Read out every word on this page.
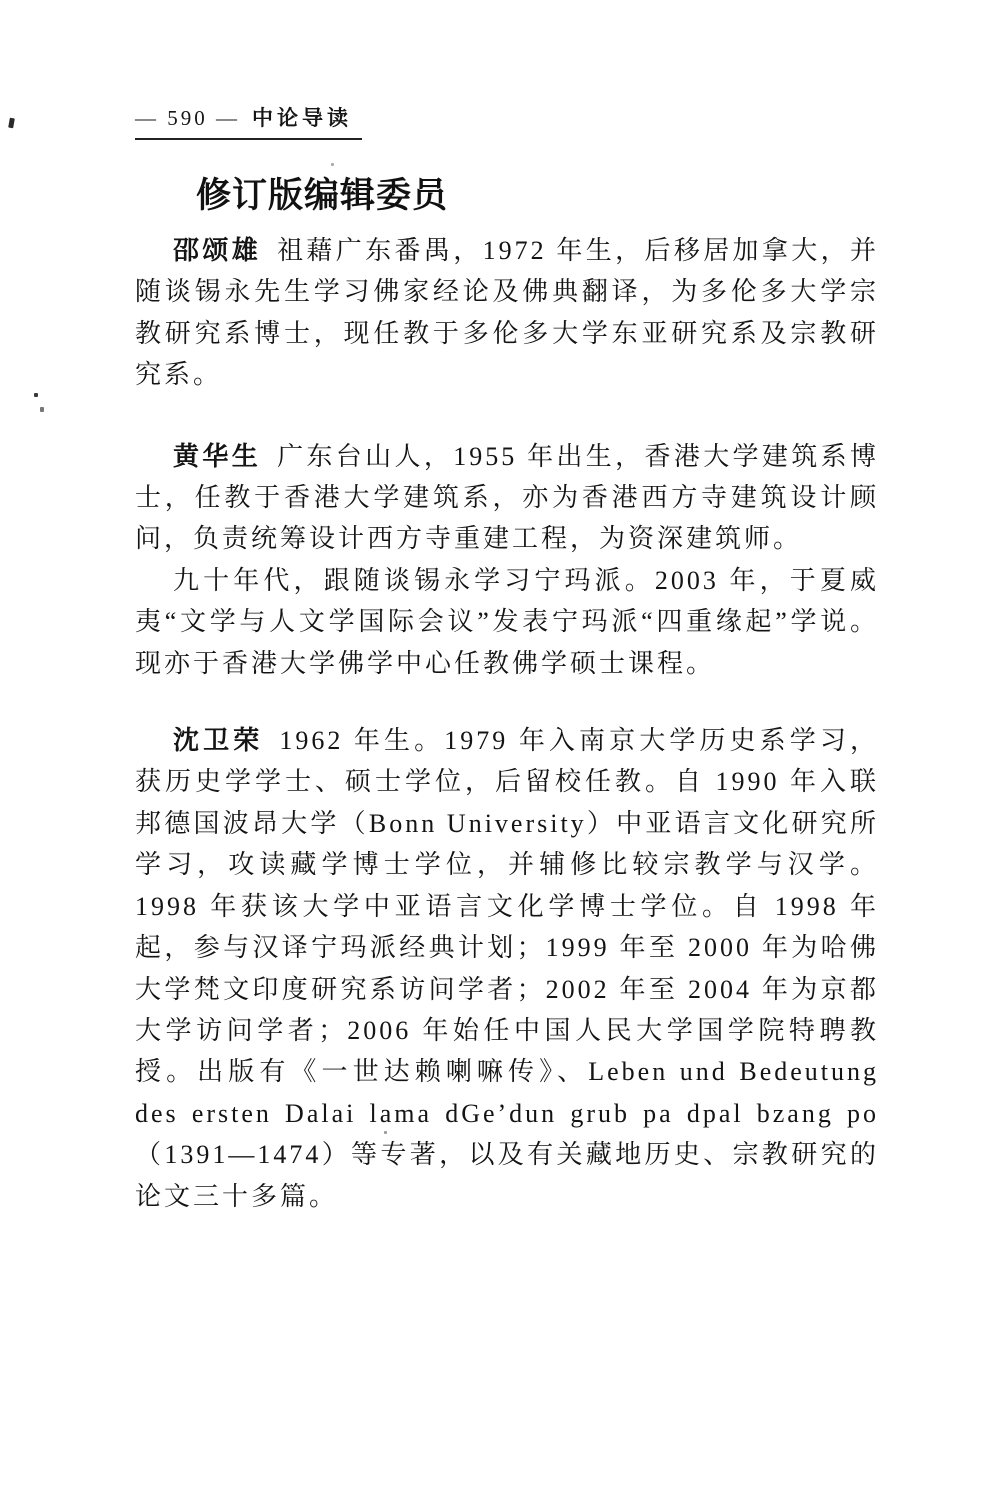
— 590 — 中论导读
修订版编辑委员

邵颂雄 祖藉广东番禺，1972 年生，后移居加拿大，并随谈锡永先生学习佛家经论及佛典翻译，为多伦多大学宗教研究系博士，现任教于多伦多大学东亚研究系及宗教研究系。

黄华生 广东台山人，1955 年出生，香港大学建筑系博士，任教于香港大学建筑系，亦为香港西方寺建筑设计顾问，负责统筹设计西方寺重建工程，为资深建筑师。

九十年代，跟随谈锡永学习宁玛派。2003 年，于夏威夷“文学与人文学国际会议”发表宁玛派“四重缘起”学说。现亦于香港大学佛学中心任教佛学硕士课程。

沈卫荣 1962 年生。1979 年入南京大学历史系学习，获历史学学士、硕士学位，后留校任教。自 1990 年入联邦德国波昂大学（Bonn University）中亚语言文化研究所学习，攻读藏学博士学位，并辅修比较宗教学与汉学。1998 年获该大学中亚语言文化学博士学位。自 1998 年起，参与汉译宁玛派经典计划；1999 年至 2000 年为哈佛大学梵文印度研究系访问学者；2002 年至 2004 年为京都大学访问学者；2006 年始任中国人民大学国学院特聘教授。出版有《一世达赖喇嘛传》、Leben und Bedeutung des ersten Dalai lama dGe’dun grub pa dpal bzang po（1391—1474）等专著，以及有关藏地历史、宗教研究的论文三十多篇。
